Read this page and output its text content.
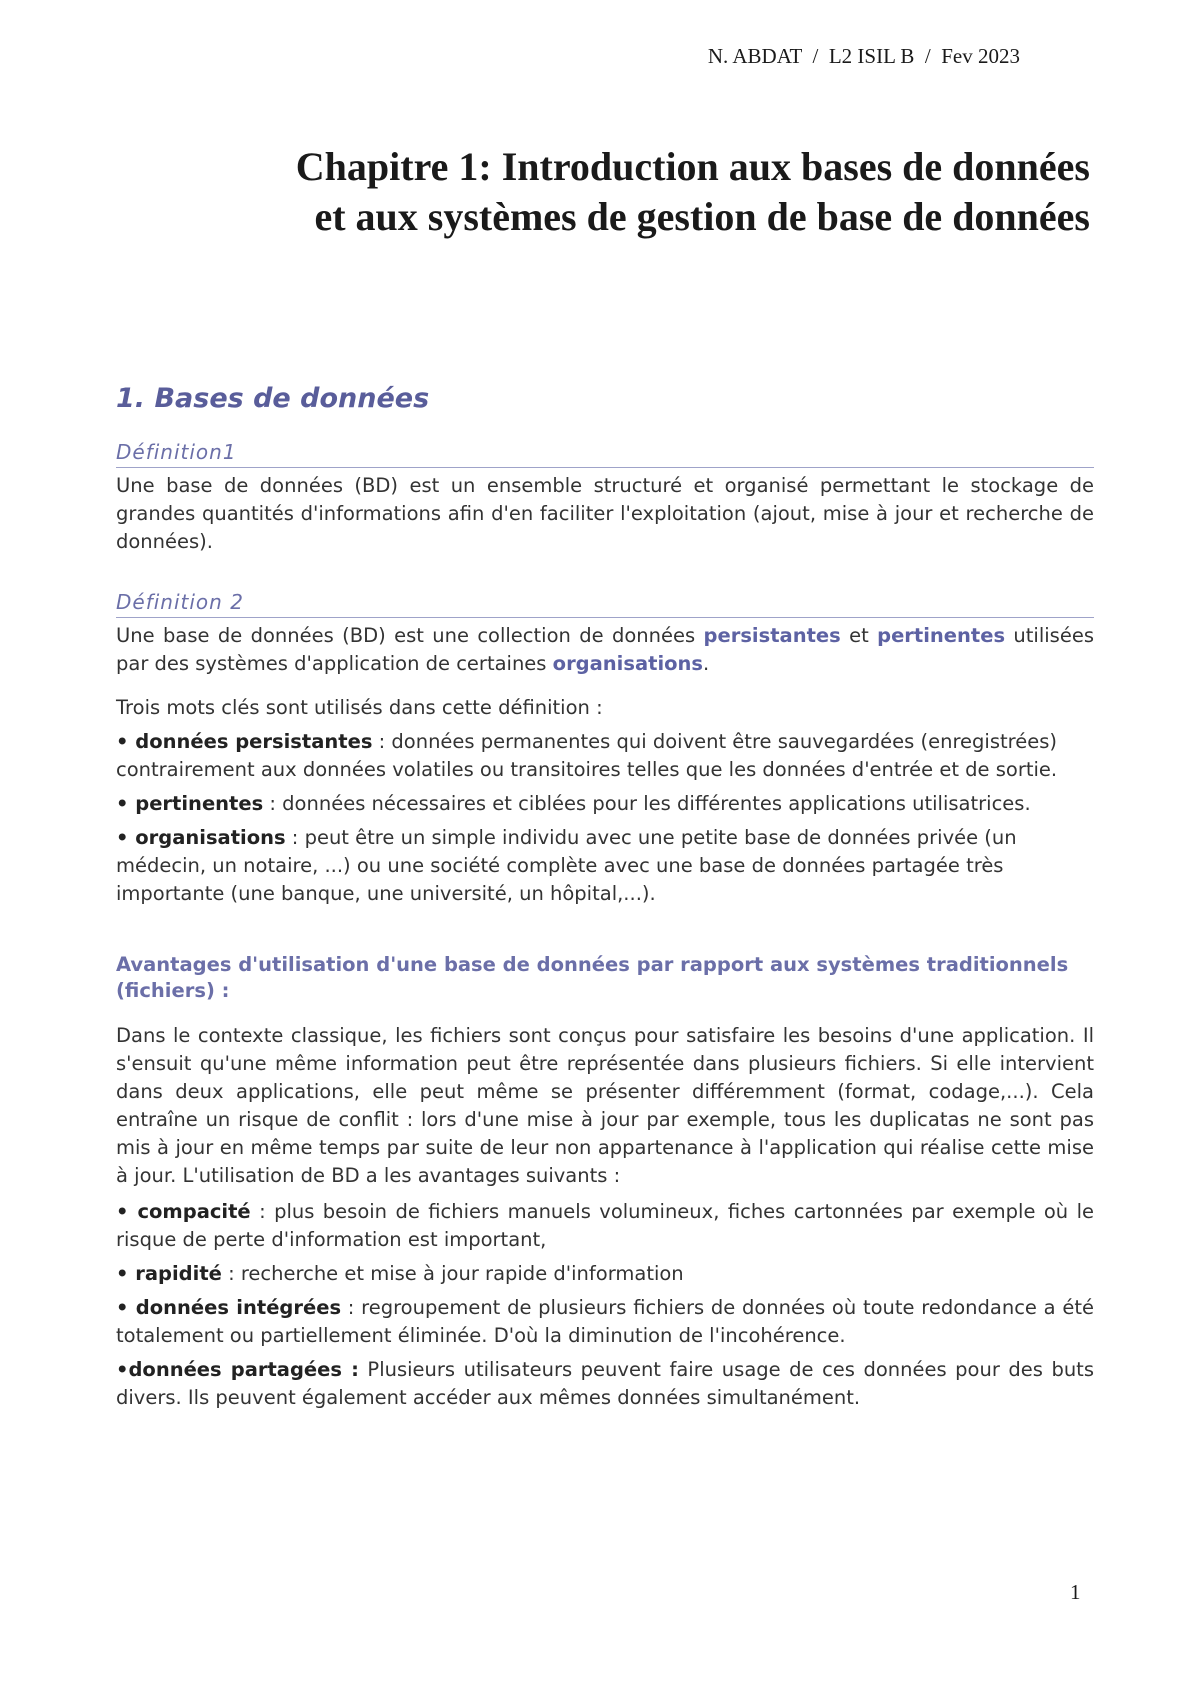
N. ABDAT / L2 ISIL B / Fev 2023
Chapitre 1: Introduction aux bases de données
et aux systèmes de gestion de base de données
1. Bases de données
Définition1

Une base de données (BD) est un ensemble structuré et organisé permettant le stockage de grandes quantités d'informations afin d'en faciliter l'exploitation (ajout, mise à jour et recherche de données).

Définition 2

Une base de données (BD) est une collection de données persistantes et pertinentes utilisées par des systèmes d'application de certaines organisations.

Trois mots clés sont utilisés dans cette définition :

• données persistantes : données permanentes qui doivent être sauvegardées (enregistrées) contrairement aux données volatiles ou transitoires telles que les données d'entrée et de sortie.

• pertinentes : données nécessaires et ciblées pour les différentes applications utilisatrices.

• organisations : peut être un simple individu avec une petite base de données privée (un médecin, un notaire, ...) ou une société complète avec une base de données partagée très importante (une banque, une université, un hôpital,...).

Avantages d'utilisation d'une base de données par rapport aux systèmes traditionnels (fichiers) :

Dans le contexte classique, les fichiers sont conçus pour satisfaire les besoins d'une application. Il s'ensuit qu'une même information peut être représentée dans plusieurs fichiers. Si elle intervient dans deux applications, elle peut même se présenter différemment (format, codage,...). Cela entraîne un risque de conflit : lors d'une mise à jour par exemple, tous les duplicatas ne sont pas mis à jour en même temps par suite de leur non appartenance à l'application qui réalise cette mise à jour. L'utilisation de BD a les avantages suivants :

• compacité : plus besoin de fichiers manuels volumineux, fiches cartonnées par exemple où le risque de perte d'information est important,

• rapidité : recherche et mise à jour rapide d'information

• données intégrées : regroupement de plusieurs fichiers de données où toute redondance a été totalement ou partiellement éliminée. D'où la diminution de l'incohérence.

•données partagées : Plusieurs utilisateurs peuvent faire usage de ces données pour des buts divers. Ils peuvent également accéder aux mêmes données simultanément.

1
